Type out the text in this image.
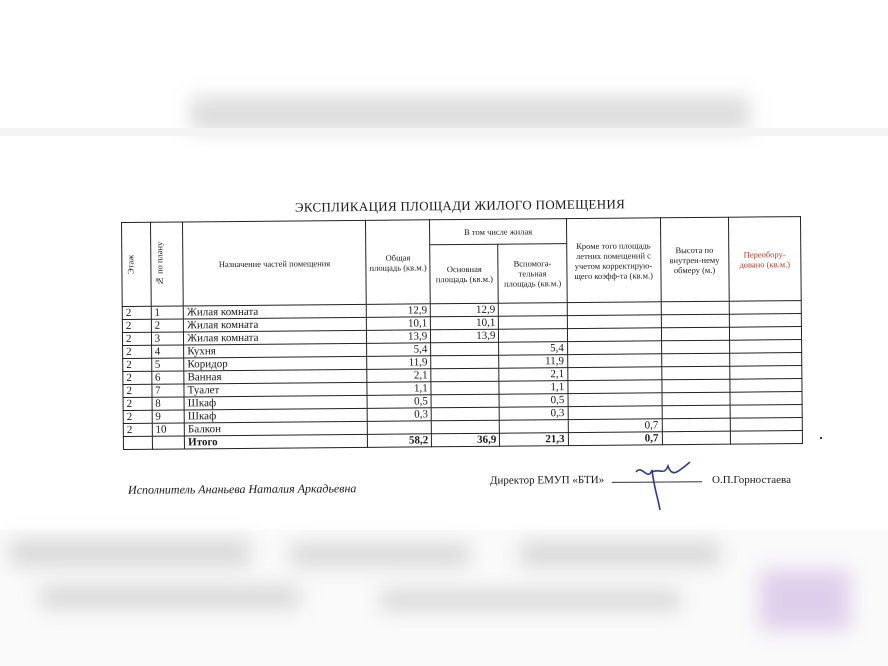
ЭКСПЛИКАЦИЯ ПЛОЩАДИ ЖИЛОГО ПОМЕЩЕНИЯ
Этаж	№ по плану	Назначение частей помещения	Общая площадь (кв.м.)	В том числе жилая		Кроме того площадь летних помещений с учетом корректирую-щего коэфф-та (кв.м.)	Высота по внутрен-нему обмеру (м.)	Переобору-довано (кв.м.)
				Основная площадь (кв.м.)	Вспомога-тельная площадь (кв.м.)			
2	1	Жилая комната	12,9	12,9				
2	2	Жилая комната	10,1	10,1				
2	3	Жилая комната	13,9	13,9				
2	4	Кухня	5,4		5,4			
2	5	Коридор	11,9		11,9			
2	6	Ванная	2,1		2,1			
2	7	Туалет	1,1		1,1			
2	8	Шкаф	0,5		0,5			
2	9	Шкаф	0,3		0,3			
2	10	Балкон				0,7		
		Итого	58,2	36,9	21,3	0,7		
Исполнитель Ананьева Наталия Аркадьевна
Директор ЕМУП «БТИ»	О.П.Горностаева
